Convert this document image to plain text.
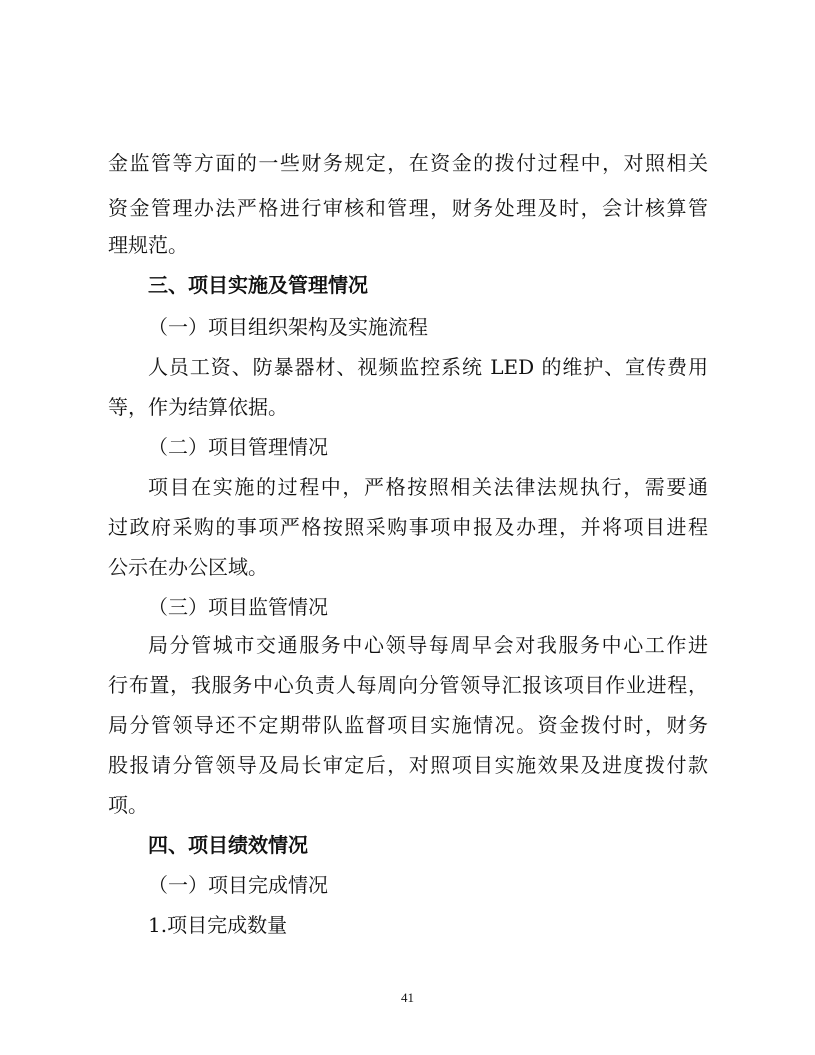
金监管等方面的一些财务规定，在资金的拨付过程中，对照相关

资金管理办法严格进行审核和管理，财务处理及时，会计核算管

理规范。

三、项目实施及管理情况

（一）项目组织架构及实施流程

人员工资、防暴器材、视频监控系统 LED 的维护、宣传费用

等，作为结算依据。

（二）项目管理情况

项目在实施的过程中，严格按照相关法律法规执行，需要通

过政府采购的事项严格按照采购事项申报及办理，并将项目进程

公示在办公区域。

（三）项目监管情况

局分管城市交通服务中心领导每周早会对我服务中心工作进

行布置，我服务中心负责人每周向分管领导汇报该项目作业进程，

局分管领导还不定期带队监督项目实施情况。资金拨付时，财务

股报请分管领导及局长审定后，对照项目实施效果及进度拨付款

项。

四、项目绩效情况

（一）项目完成情况

41

1.项目完成数量
